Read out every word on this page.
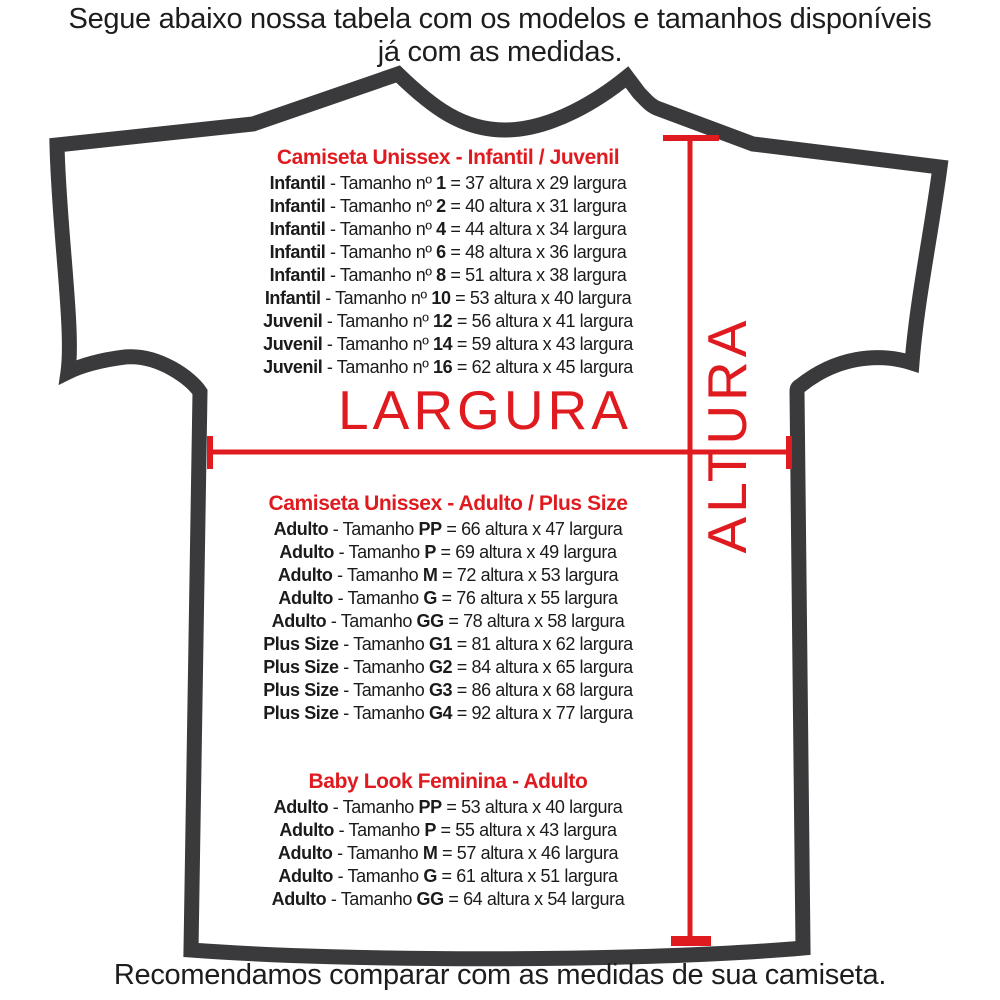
Segue abaixo nossa tabela com os modelos e tamanhos disponíveis
já com as medidas.
Camiseta Unissex - Infantil / Juvenil
Infantil - Tamanho nº 1 = 37 altura x 29 largura
Infantil - Tamanho nº 2 = 40 altura x 31 largura
Infantil - Tamanho nº 4 = 44 altura x 34 largura
Infantil - Tamanho nº 6 = 48 altura x 36 largura
Infantil - Tamanho nº 8 = 51 altura x 38 largura
Infantil - Tamanho nº 10 = 53 altura x 40 largura
Juvenil - Tamanho nº 12 = 56 altura x 41 largura
Juvenil - Tamanho nº 14 = 59 altura x 43 largura
Juvenil - Tamanho nº 16 = 62 altura x 45 largura
Camiseta Unissex - Adulto / Plus Size
Adulto - Tamanho PP = 66 altura x 47 largura
Adulto - Tamanho P = 69 altura x 49 largura
Adulto - Tamanho M = 72 altura x 53 largura
Adulto - Tamanho G = 76 altura x 55 largura
Adulto - Tamanho GG = 78 altura x 58 largura
Plus Size - Tamanho G1 = 81 altura x 62 largura
Plus Size - Tamanho G2 = 84 altura x 65 largura
Plus Size - Tamanho G3 = 86 altura x 68 largura
Plus Size - Tamanho G4 = 92 altura x 77 largura
Baby Look Feminina - Adulto
Adulto - Tamanho PP = 53 altura x 40 largura
Adulto - Tamanho P = 55 altura x 43 largura
Adulto - Tamanho M = 57 altura x 46 largura
Adulto - Tamanho G = 61 altura x 51 largura
Adulto - Tamanho GG = 64 altura x 54 largura
LARGURA	ALTURA
Recomendamos comparar com as medidas de sua camiseta.
